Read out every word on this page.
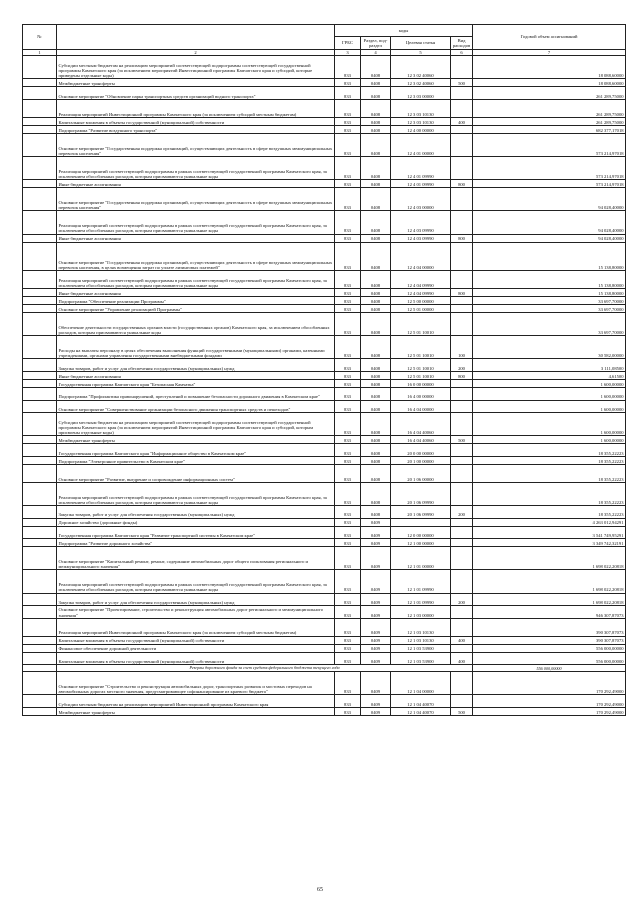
№		коды				Годовой объем ассигнований
		ГРБС	Раздел, под-раздел	Целевая статья	Вид расходов	
1	2	3	4	5	6	7
	Субсидии местным бюджетам на реализацию мероприятий соответствующей подпрограммы соответствующей государственной программы Камчатского края (за исключением мероприятий Инвестиционной программы Камчатского края и субсидий, которые приведены отдельные коды)	833	0408	12 3 02 40060		18 088,60000
	Межбюджетные трансферты	833	0408	12 3 02 40060	500	18 088,60000
	Основное мероприятие "Обновление парка транспортных средств организаций водного транспорта"	833	0408	12 3 03 00000		261 289,75000
	Реализация мероприятий Инвестиционной программы Камчатского края (за исключением субсидий местным бюджетам)	833	0408	12 3 03 10130		261 289,75000
	Капитальные вложения в объекты государственной (муниципальной) собственности	833	0408	12 3 03 10130	400	261 289,75000
	Подпрограмма "Развитие воздушного транспорта"	833	0408	12 4 00 00000		682 377,17018
	Основное мероприятие "Государственная поддержка организаций, осуществляющих деятельность в сфере воздушных межмуниципальных перевозок населения"	833	0408	12 4 01 00000		573 214,97018
	Реализация мероприятий соответствующей подпрограммы в рамках соответствующей государственной программы Камчатского края, за исключением обособленных расходов, которым присваиваются уникальные коды	833	0408	12 4 01 09990		573 214,97018
	Иные бюджетные ассигнования	833	0408	12 4 01 09990	800	573 214,97018
	Основное мероприятие "Государственная поддержка организаций, осуществляющих деятельность в сфере воздушных межмуниципальных перевозок населения"	833	0408	12 4 03 00000		94 028,40000
	Реализация мероприятий соответствующей подпрограммы в рамках соответствующей государственной программы Камчатского края, за исключением обособленных расходов, которым присваиваются уникальные коды	833	0408	12 4 03 09990		94 028,40000
	Иные бюджетные ассигнования	833	0408	12 4 03 09990	800	94 028,40000
	Основное мероприятие "Государственная поддержка организаций, осуществляющих деятельность в сфере воздушных межмуниципальных перевозок населения, в целях возмещения затрат по уплате лизинговых платежей"	833	0408	12 4 04 00000		15 138,80000
	Реализация мероприятий соответствующей подпрограммы в рамках соответствующей государственной программы Камчатского края, за исключением обособленных расходов, которым присваиваются уникальные коды	833	0408	12 4 04 09990		15 138,80000
	Иные бюджетные ассигнования	833	0408	12 4 04 09990	800	15 138,80000
	Подпрограмма "Обеспечение реализации Программы"	833	0408	12 5 00 00000		33 697,70000
	Основное мероприятие "Управление реализацией Программы"	833	0408	12 5 01 00000		33 697,70000
	Обеспечение деятельности государственных органов власти (государственных органов) Камчатского края, за исключением обособленных расходов, которым присваиваются уникальные коды	833	0408	12 5 01 10010		33 697,70000
	Расходы на выплаты персоналу в целях обеспечения выполнения функций государственными (муниципальными) органами, казенными учреждениями, органами управления государственными внебюджетными фондами	833	0408	12 5 01 10010	100	30 582,00000
	Закупка товаров, работ и услуг для обеспечения государственных (муниципальных) нужд	833	0408	12 5 01 10010	200	3 111,08500
	Иные бюджетные ассигнования	833	0408	12 5 01 10010	800	4,61500
	Государственная программа Камчатского края "Безопасная Камчатка"	833	0408	16 0 00 00000		1 600,00000
	Подпрограмма "Профилактика правонарушений, преступлений и повышение безопасности дорожного движения в Камчатском крае"	833	0408	16 4 00 00000		1 600,00000
	Основное мероприятие "Совершенствование организации безопасного движения транспортных средств и пешеходов"	833	0408	16 4 04 00000		1 600,00000
	Субсидии местным бюджетам на реализацию мероприятий соответствующей подпрограммы соответствующей государственной программы Камчатского края (за исключением мероприятий Инвестиционной программы Камчатского края и субсидий, которым присвоены отдельные коды)	833	0408	16 4 04 40060		1 600,00000
	Межбюджетные трансферты	833	0408	16 4 04 40060	500	1 600,00000
	Государственная программа Камчатского края "Информационное общество в Камчатском крае"	833	0408	20 0 00 00000		18 355,22223
	Подпрограмма "Электронное правительство в Камчатском крае"	833	0408	20 1 00 00000		18 355,22223
	Основное мероприятие "Развитие, внедрение и сопровождение информационных систем"	833	0408	20 1 06 00000		18 355,22223
	Реализация мероприятий соответствующей подпрограммы в рамках соответствующей государственной программы Камчатского края, за исключением обособленных расходов, которым присваиваются уникальные коды	833	0408	20 1 06 09990		18 355,22223
	Закупка товаров, работ и услуг для обеспечения государственных (муниципальных) нужд	833	0408	20 1 06 09990	200	18 355,22223
	Дорожное хозяйство (дорожные фонды)	833	0409			4 263 012,94291
	Государственная программа Камчатского края "Развитие транспортной системы в Камчатском крае"	833	0409	12 0 00 00000		3 541 749,95291
	Подпрограмма "Развитие дорожного хозяйства"	833	0409	12 1 00 00000		3 349 742,32191
	Основное мероприятие "Капитальный ремонт, ремонт, содержание автомобильных дорог общего пользования регионального и межмуниципального значения"	833	0409	12 1 01 00000		1 698 022,20818
	Реализация мероприятий соответствующей подпрограммы в рамках соответствующей государственной программы Камчатского края, за исключением обособленных расходов, которым присваиваются уникальные коды	833	0409	12 1 01 09990		1 698 022,20818
	Закупка товаров, работ и услуг для обеспечения государственных (муниципальных) нужд	833	0409	12 1 01 09990	200	1 698 022,20818
	Основное мероприятие "Проектирование, строительство и реконструкция автомобильных дорог регионального и межмуниципального значения"	833	0409	12 1 03 00000		946 307,87073
	Реализация мероприятий Инвестиционной программы Камчатского края (за исключением субсидий местным бюджетам)	833	0409	12 1 03 10130		390 307,87073
	Капитальные вложения в объекты государственной (муниципальной) собственности	833	0409	12 1 03 10130	400	390 307,87073
	Финансовое обеспечение дорожной деятельности	833	0409	12 1 03 53900		556 000,00000
	Капитальные вложения в объекты государственной (муниципальной) собственности	833	0409	12 1 03 53900	400	556 000,00000
	Резервы дорожного фонда за счет средств федерального бюджета текущего года					556 000,00000
	Основное мероприятие "Строительство и реконструкция автомобильных дорог, транспортных развязок и мостовых переходов на автомобильных дорогах местного значения, предусматривающее софинансирование из краевого бюджета"	833	0409	12 1 04 00000		170 292,49000
	Субсидии местным бюджетам на реализацию мероприятий Инвестиционной программы Камчатского края	833	0409	12 1 04 40070		170 292,49000
	Межбюджетные трансферты	833	0409	12 1 04 40070	500	170 292,49000
65
